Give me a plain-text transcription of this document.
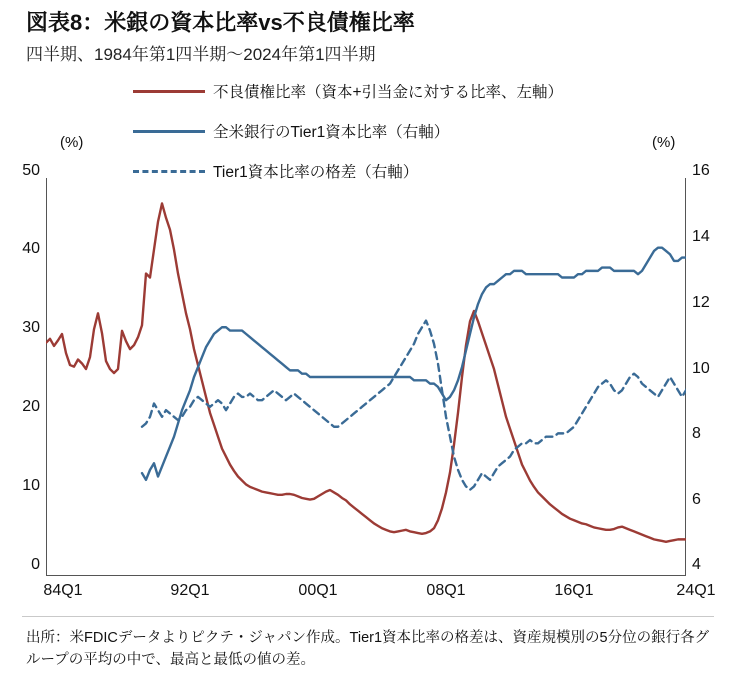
図表8：米銀の資本比率vs不良債権比率
四半期、1984年第1四半期～2024年第1四半期
不良債権比率（資本+引当金に対する比率、左軸）
全米銀行のTier1資本比率（右軸）
Tier1資本比率の格差（右軸）
(%)	(%)
50
40
30
20
10
0
16
14
12
10
8
6
4
84Q1	92Q1	00Q1	08Q1	16Q1	24Q1
出所：米FDICデータよりピクテ・ジャパン作成。Tier1資本比率の格差は、資産規模別の5分位の銀行各グループの平均の中で、最高と最低の値の差。
